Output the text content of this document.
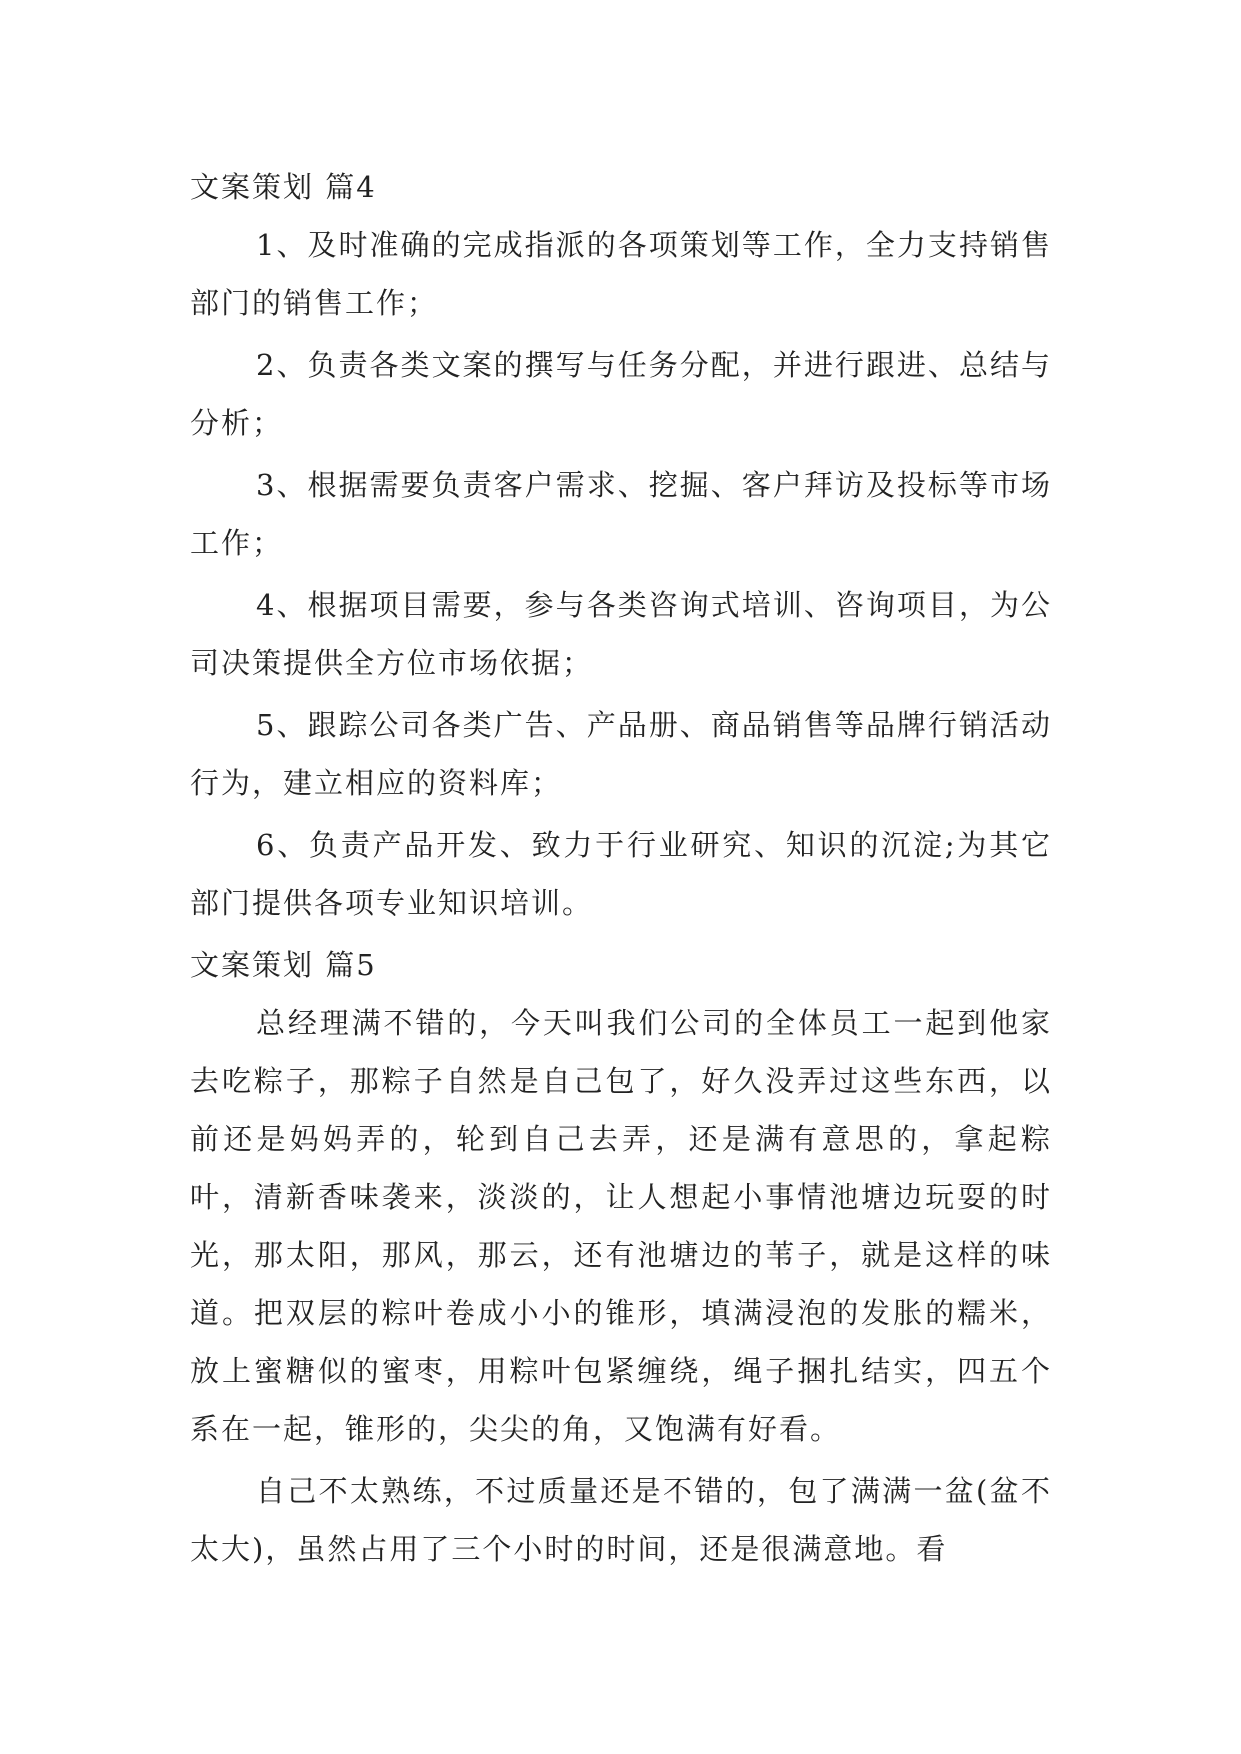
文案策划 篇4

1、及时准确的完成指派的各项策划等工作，全力支持销售部门的销售工作；

2、负责各类文案的撰写与任务分配，并进行跟进、总结与分析；

3、根据需要负责客户需求、挖掘、客户拜访及投标等市场工作；

4、根据项目需要，参与各类咨询式培训、咨询项目，为公司决策提供全方位市场依据；

5、跟踪公司各类广告、产品册、商品销售等品牌行销活动行为，建立相应的资料库；

6、负责产品开发、致力于行业研究、知识的沉淀;为其它部门提供各项专业知识培训。

文案策划 篇5

总经理满不错的，今天叫我们公司的全体员工一起到他家去吃粽子，那粽子自然是自己包了，好久没弄过这些东西，以前还是妈妈弄的，轮到自己去弄，还是满有意思的，拿起粽叶，清新香味袭来，淡淡的，让人想起小事情池塘边玩耍的时光，那太阳，那风，那云，还有池塘边的苇子，就是这样的味道。把双层的粽叶卷成小小的锥形，填满浸泡的发胀的糯米，放上蜜糖似的蜜枣，用粽叶包紧缠绕，绳子捆扎结实，四五个系在一起，锥形的，尖尖的角，又饱满有好看。

自己不太熟练，不过质量还是不错的，包了满满一盆(盆不太大)，虽然占用了三个小时的时间，还是很满意地。看
